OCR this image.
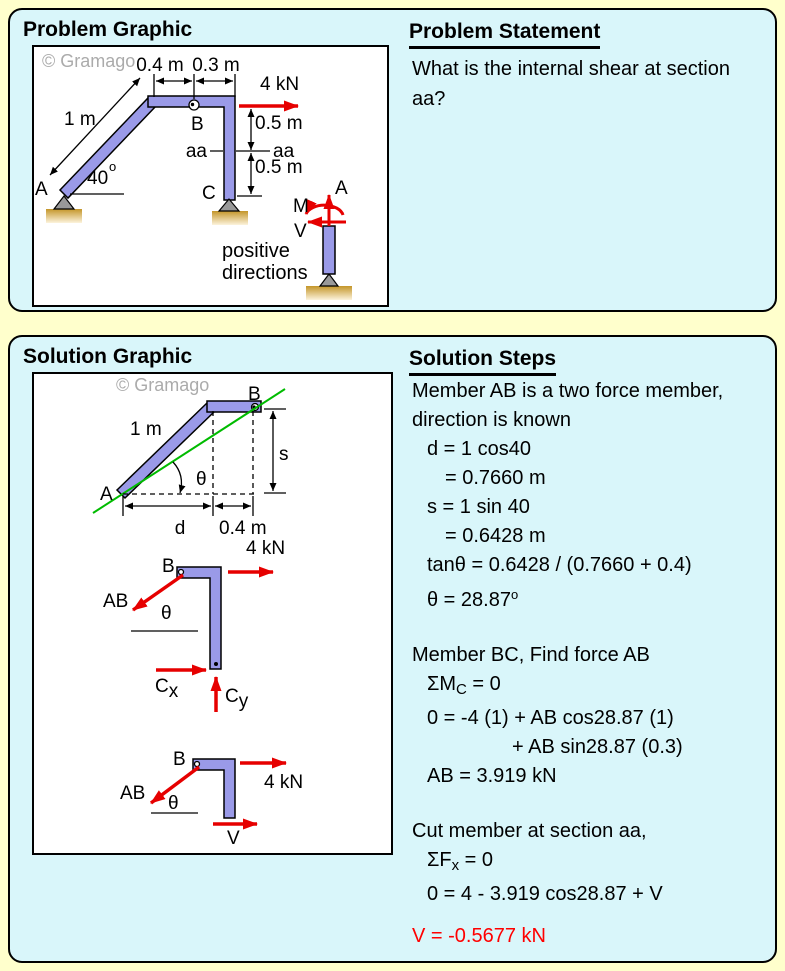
Problem Graphic
© Gramago 0.4 m 0.3 m
1 m
40
o
A
B
C
0.5 m
0.5 m
aa	aa
4 kN
M
A
V
positive
directions
Problem Statement
What is the internal shear at section aa?
Solution Graphic
© Gramago B
1 m
θ
A
s
d 0.4 m
B
4 kN
AB
θ
Cx Cy
B
AB θ
4 kN
V
Solution Steps
Member AB is a two force member,
direction is known
d = 1 cos40
= 0.7660 m
s = 1 sin 40
= 0.6428 m
tanθ = 0.6428 / (0.7660 + 0.4)
$\theta = 28.87^o$
Member BC, Find force AB
$\Sigma M_C = 0$
0 = -4 (1) + AB cos28.87 (1)
+ AB sin28.87 (0.3)
AB = 3.919 kN
Cut member at section aa,
$\Sigma F_x = 0$
0 = 4 - 3.919 cos28.87 + V
V = -0.5677 kN
